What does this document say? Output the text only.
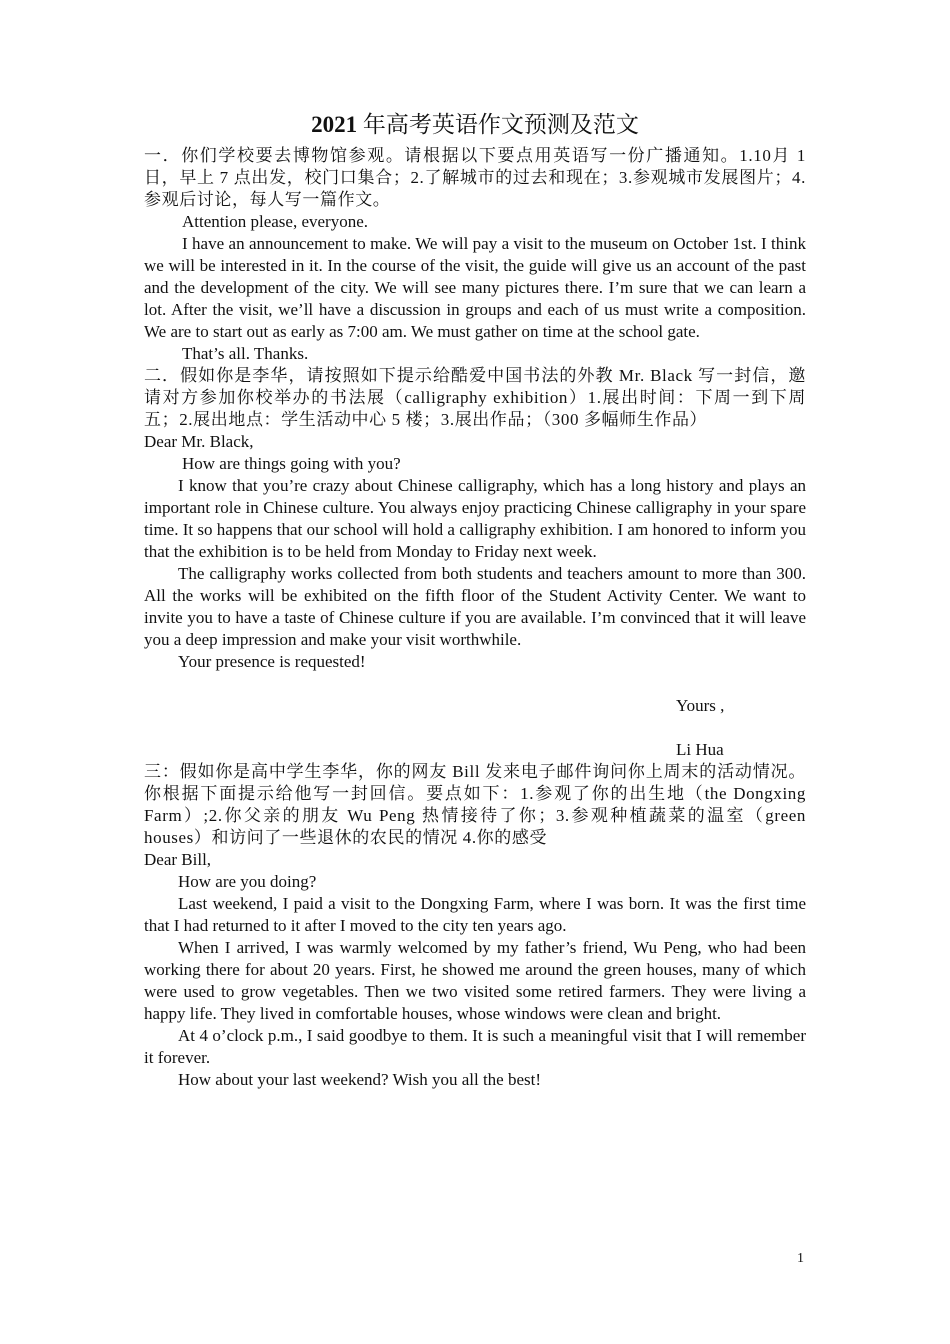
2021 年高考英语作文预测及范文

一．你们学校要去博物馆参观。请根据以下要点用英语写一份广播通知。1.10月 1 日，早上 7 点出发，校门口集合；2.了解城市的过去和现在；3.参观城市发展图片；4.参观后讨论，每人写一篇作文。

Attention please, everyone.

I have an announcement to make. We will pay a visit to the museum on October 1st. I think we will be interested in it. In the course of the visit, the guide will give us an account of the past and the development of the city. We will see many pictures there. I’m sure that we can learn a lot. After the visit, we’ll have a discussion in groups and each of us must write a composition. We are to start out as early as 7:00 am. We must gather on time at the school gate.

That’s all. Thanks.

二．假如你是李华，请按照如下提示给酷爱中国书法的外教 Mr. Black 写一封信，邀请对方参加你校举办的书法展（calligraphy exhibition）1.展出时间：下周一到下周五；2.展出地点：学生活动中心 5 楼；3.展出作品；（300 多幅师生作品）

Dear Mr. Black,

How are things going with you?

I know that you’re crazy about Chinese calligraphy, which has a long history and plays an important role in Chinese culture. You always enjoy practicing Chinese calligraphy in your spare time. It so happens that our school will hold a calligraphy exhibition. I am honored to inform you that the exhibition is to be held from Monday to Friday next week.

The calligraphy works collected from both students and teachers amount to more than 300. All the works will be exhibited on the fifth floor of the Student Activity Center. We want to invite you to have a taste of Chinese culture if you are available. I’m convinced that it will leave you a deep impression and make your visit worthwhile.

Your presence is requested!

Yours ,

Li Hua

三：假如你是高中学生李华，你的网友 Bill 发来电子邮件询问你上周末的活动情况。你根据下面提示给他写一封回信。要点如下：1.参观了你的出生地（the Dongxing Farm）;2.你父亲的朋友 Wu Peng 热情接待了你；3.参观种植蔬菜的温室（green houses）和访问了一些退休的农民的情况 4.你的感受

Dear Bill,

How are you doing?

Last weekend, I paid a visit to the Dongxing Farm, where I was born. It was the first time that I had returned to it after I moved to the city ten years ago.

When I arrived, I was warmly welcomed by my father’s friend, Wu Peng, who had been working there for about 20 years. First, he showed me around the green houses, many of which were used to grow vegetables. Then we two visited some retired farmers. They were living a happy life. They lived in comfortable houses, whose windows were clean and bright.

At 4 o’clock p.m., I said goodbye to them. It is such a meaningful visit that I will remember it forever.

How about your last weekend? Wish you all the best!

1
